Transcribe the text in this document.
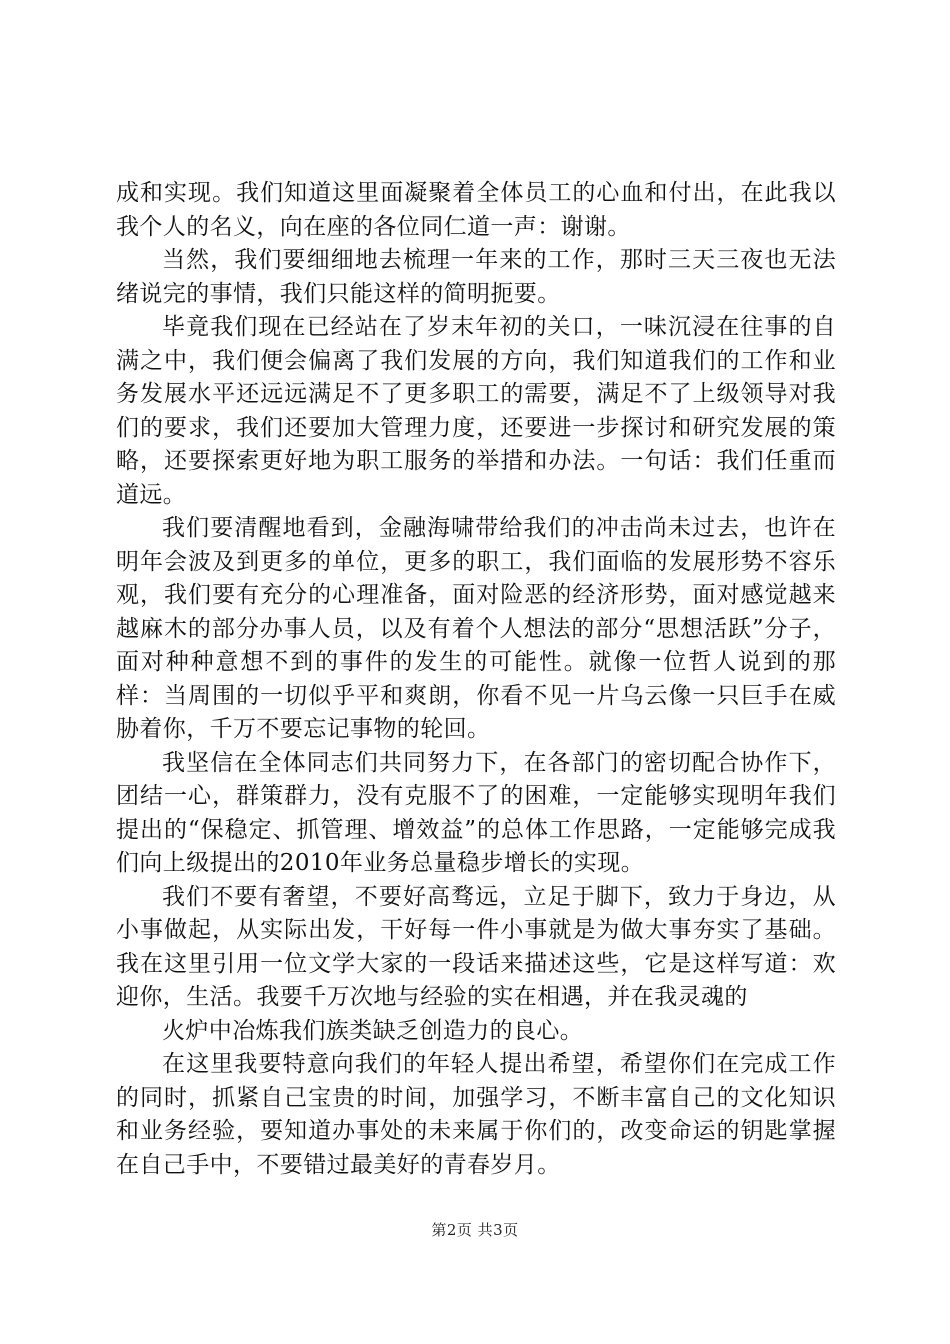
成和实现。我们知道这里面凝聚着全体员工的心血和付出，在此我以我个人的名义，向在座的各位同仁道一声：谢谢。

当然，我们要细细地去梳理一年来的工作，那时三天三夜也无法绪说完的事情，我们只能这样的简明扼要。

毕竟我们现在已经站在了岁末年初的关口，一味沉浸在往事的自满之中，我们便会偏离了我们发展的方向，我们知道我们的工作和业务发展水平还远远满足不了更多职工的需要，满足不了上级领导对我们的要求，我们还要加大管理力度，还要进一步探讨和研究发展的策略，还要探索更好地为职工服务的举措和办法。一句话：我们任重而道远。

我们要清醒地看到，金融海啸带给我们的冲击尚未过去，也许在明年会波及到更多的单位，更多的职工，我们面临的发展形势不容乐观，我们要有充分的心理准备，面对险恶的经济形势，面对感觉越来越麻木的部分办事人员，以及有着个人想法的部分“思想活跃”分子，面对种种意想不到的事件的发生的可能性。就像一位哲人说到的那样：当周围的一切似乎平和爽朗，你看不见一片乌云像一只巨手在威胁着你，千万不要忘记事物的轮回。

我坚信在全体同志们共同努力下，在各部门的密切配合协作下，团结一心，群策群力，没有克服不了的困难，一定能够实现明年我们提出的“保稳定、抓管理、增效益”的总体工作思路，一定能够完成我们向上级提出的2010年业务总量稳步增长的实现。

我们不要有奢望，不要好高骛远，立足于脚下，致力于身边，从小事做起，从实际出发，干好每一件小事就是为做大事夯实了基础。我在这里引用一位文学大家的一段话来描述这些，它是这样写道：欢迎你，生活。我要千万次地与经验的实在相遇，并在我灵魂的

火炉中冶炼我们族类缺乏创造力的良心。

在这里我要特意向我们的年轻人提出希望，希望你们在完成工作的同时，抓紧自己宝贵的时间，加强学习，不断丰富自己的文化知识和业务经验，要知道办事处的未来属于你们的，改变命运的钥匙掌握在自己手中，不要错过最美好的青春岁月。

第2页 共3页
